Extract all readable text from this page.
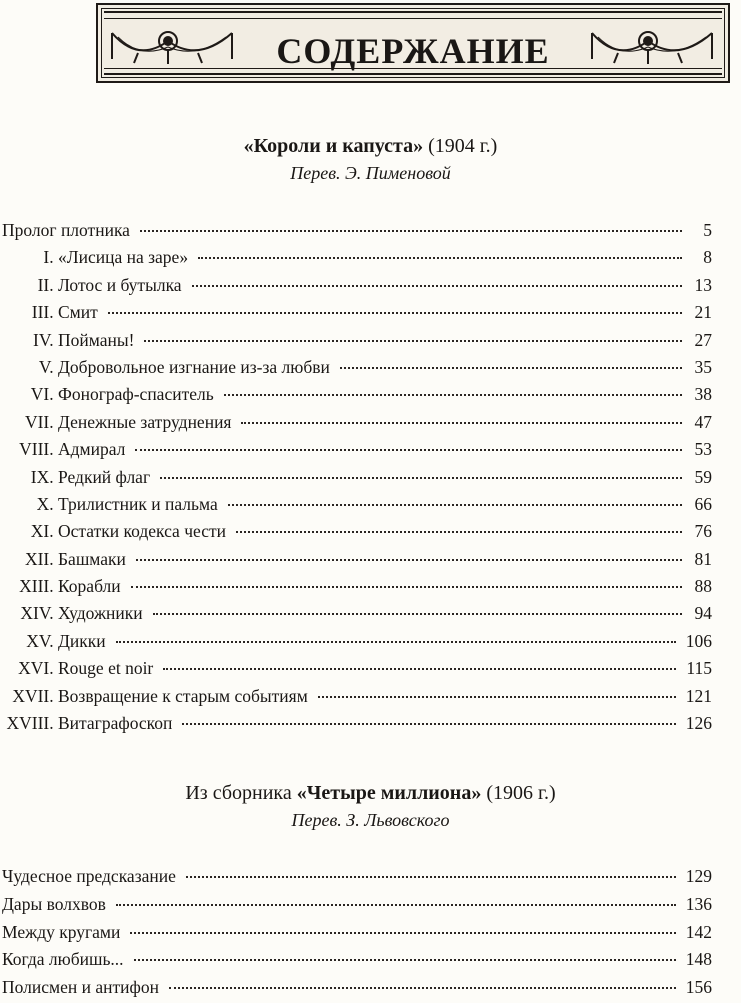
СОДЕРЖАНИЕ
«Короли и капуста» (1904 г.)
Перев. Э. Пименовой
Пролог плотника	5
I. «Лисица на заре»	8
II. Лотос и бутылка	13
III. Смит	21
IV. Пойманы!	27
V. Добровольное изгнание из-за любви	35
VI. Фонограф-спаситель	38
VII. Денежные затруднения	47
VIII. Адмирал	53
IX. Редкий флаг	59
X. Трилистник и пальма	66
XI. Остатки кодекса чести	76
XII. Башмаки	81
XIII. Корабли	88
XIV. Художники	94
XV. Дикки	106
XVI. Rouge et noir	115
XVII. Возвращение к старым событиям	121
XVIII. Витаграфоскоп	126
Из сборника «Четыре миллиона» (1906 г.)
Перев. З. Львовского
Чудесное предсказание	129
Дары волхвов	136
Между кругами	142
Когда любишь...	148
Полисмен и антифон	156
